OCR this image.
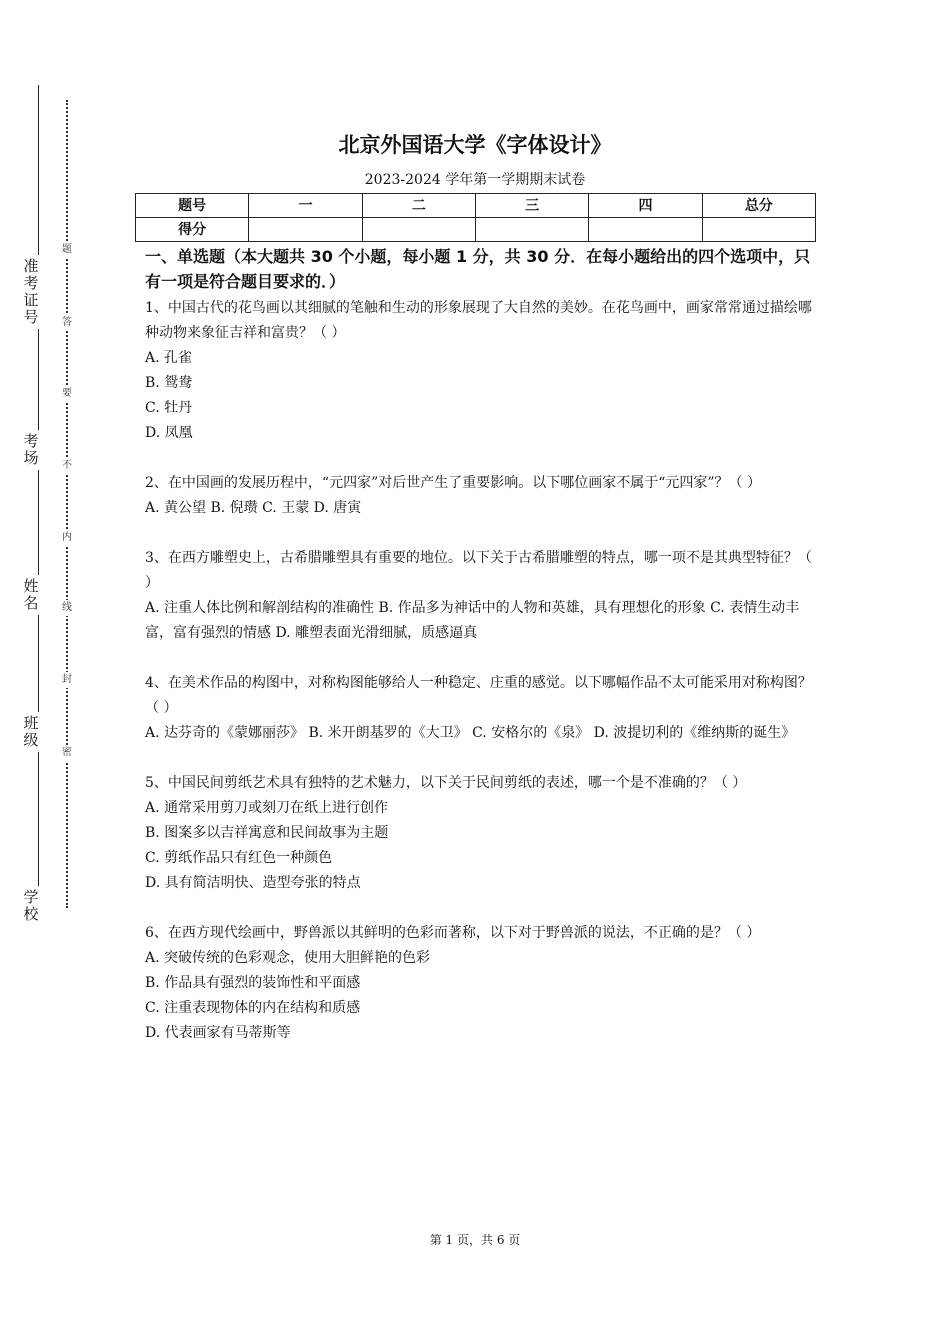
准考证号
考场
姓名
班级
学校
题
答
要
不
内
线
封
密
北京外国语大学《字体设计》
2023-2024 学年第一学期期末试卷
题号	一	二	三	四	总分
得分					

一、单选题（本大题共 30 个小题，每小题 1 分，共 30 分．在每小题给出的四个选项中，只有一项是符合题目要求的．）

1、中国古代的花鸟画以其细腻的笔触和生动的形象展现了大自然的美妙。在花鸟画中，画家常常通过描绘哪种动物来象征吉祥和富贵？（ ）

A. 孔雀

B. 鸳鸯

C. 牡丹

D. 凤凰

2、在中国画的发展历程中，“元四家”对后世产生了重要影响。以下哪位画家不属于“元四家”？（ ）

A. 黄公望 B. 倪瓒 C. 王蒙 D. 唐寅

3、在西方雕塑史上，古希腊雕塑具有重要的地位。以下关于古希腊雕塑的特点，哪一项不是其典型特征？（ ）

A. 注重人体比例和解剖结构的准确性 B. 作品多为神话中的人物和英雄，具有理想化的形象 C. 表情生动丰富，富有强烈的情感 D. 雕塑表面光滑细腻，质感逼真

4、在美术作品的构图中，对称构图能够给人一种稳定、庄重的感觉。以下哪幅作品不太可能采用对称构图？（ ）

A. 达芬奇的《蒙娜丽莎》 B. 米开朗基罗的《大卫》 C. 安格尔的《泉》 D. 波提切利的《维纳斯的诞生》

5、中国民间剪纸艺术具有独特的艺术魅力，以下关于民间剪纸的表述，哪一个是不准确的？（ ）

A. 通常采用剪刀或刻刀在纸上进行创作

B. 图案多以吉祥寓意和民间故事为主题

C. 剪纸作品只有红色一种颜色

D. 具有简洁明快、造型夸张的特点

6、在西方现代绘画中，野兽派以其鲜明的色彩而著称，以下对于野兽派的说法，不正确的是？（ ）

A. 突破传统的色彩观念，使用大胆鲜艳的色彩

B. 作品具有强烈的装饰性和平面感

C. 注重表现物体的内在结构和质感

D. 代表画家有马蒂斯等

第 1 页，共 6 页
